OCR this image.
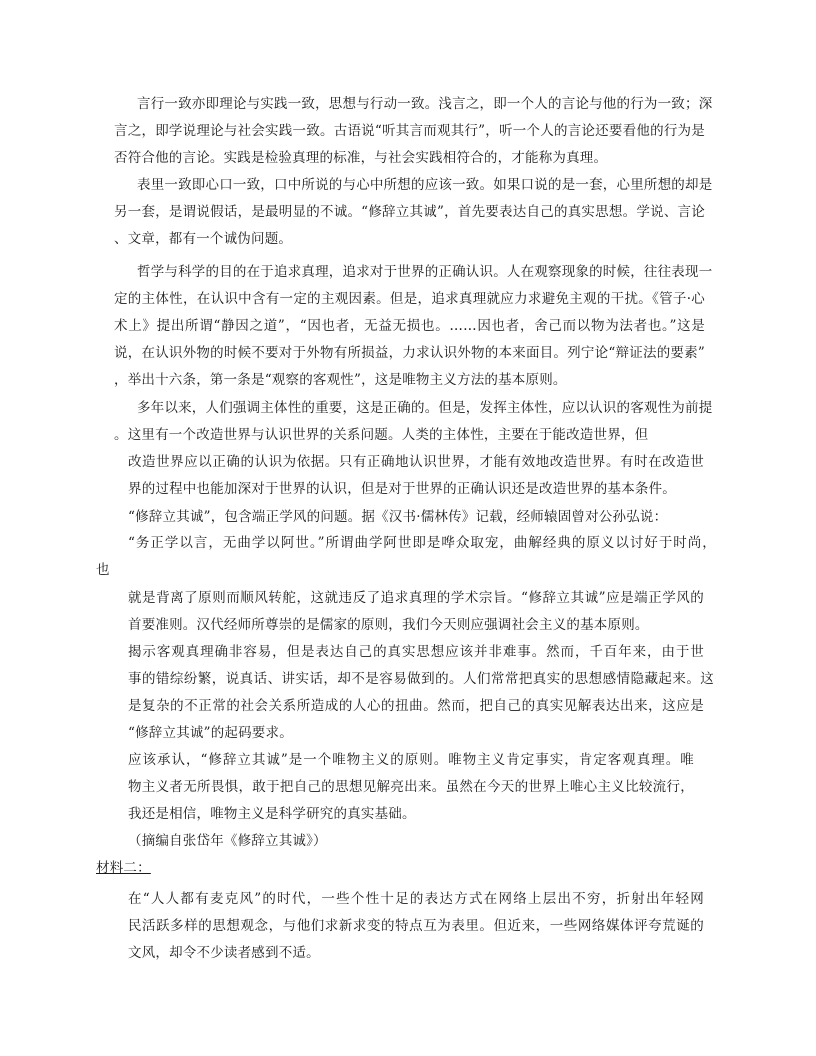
言行一致亦即理论与实践一致，思想与行动一致。浅言之，即一个人的言论与他的行为一致；深

言之，即学说理论与社会实践一致。古语说“听其言而观其行”，听一个人的言论还要看他的行为是

否符合他的言论。实践是检验真理的标准，与社会实践相符合的，才能称为真理。

表里一致即心口一致，口中所说的与心中所想的应该一致。如果口说的是一套，心里所想的却是

另一套，是谓说假话，是最明显的不诚。“修辞立其诚”，首先要表达自己的真实思想。学说、言论

、文章，都有一个诚伪问题。

哲学与科学的目的在于追求真理，追求对于世界的正确认识。人在观察现象的时候，往往表现一

定的主体性，在认识中含有一定的主观因素。但是，追求真理就应力求避免主观的干扰。《管子·心

术上》提出所谓“静因之道”，“因也者，无益无损也。……因也者，舍己而以物为法者也。”这是

说，在认识外物的时候不要对于外物有所损益，力求认识外物的本来面目。列宁论“辩证法的要素”

，举出十六条，第一条是“观察的客观性”，这是唯物主义方法的基本原则。

多年以来，人们强调主体性的重要，这是正确的。但是，发挥主体性，应以认识的客观性为前提

。这里有一个改造世界与认识世界的关系问题。人类的主体性，主要在于能改造世界，但

改造世界应以正确的认识为依据。只有正确地认识世界，才能有效地改造世界。有时在改造世

界的过程中也能加深对于世界的认识，但是对于世界的正确认识还是改造世界的基本条件。

“修辞立其诚”，包含端正学风的问题。据《汉书·儒林传》记载，经师辕固曾对公孙弘说：

“务正学以言，无曲学以阿世。”所谓曲学阿世即是哗众取宠，曲解经典的原义以讨好于时尚，

也

就是背离了原则而顺风转舵，这就违反了追求真理的学术宗旨。“修辞立其诚”应是端正学风的

首要准则。汉代经师所尊崇的是儒家的原则，我们今天则应强调社会主义的基本原则。

揭示客观真理确非容易，但是表达自己的真实思想应该并非难事。然而，千百年来，由于世

事的错综纷繁，说真话、讲实话，却不是容易做到的。人们常常把真实的思想感情隐藏起来。这

是复杂的不正常的社会关系所造成的人心的扭曲。然而，把自己的真实见解表达出来，这应是

“修辞立其诚”的起码要求。

应该承认，“修辞立其诚”是一个唯物主义的原则。唯物主义肯定事实，肯定客观真理。唯

物主义者无所畏惧，敢于把自己的思想见解亮出来。虽然在今天的世界上唯心主义比较流行，

我还是相信，唯物主义是科学研究的真实基础。

（摘编自张岱年《修辞立其诚》）

材料二：

在“人人都有麦克风”的时代，一些个性十足的表达方式在网络上层出不穷，折射出年轻网

民活跃多样的思想观念，与他们求新求变的特点互为表里。但近来，一些网络媒体评夸荒诞的

文风，却令不少读者感到不适。
